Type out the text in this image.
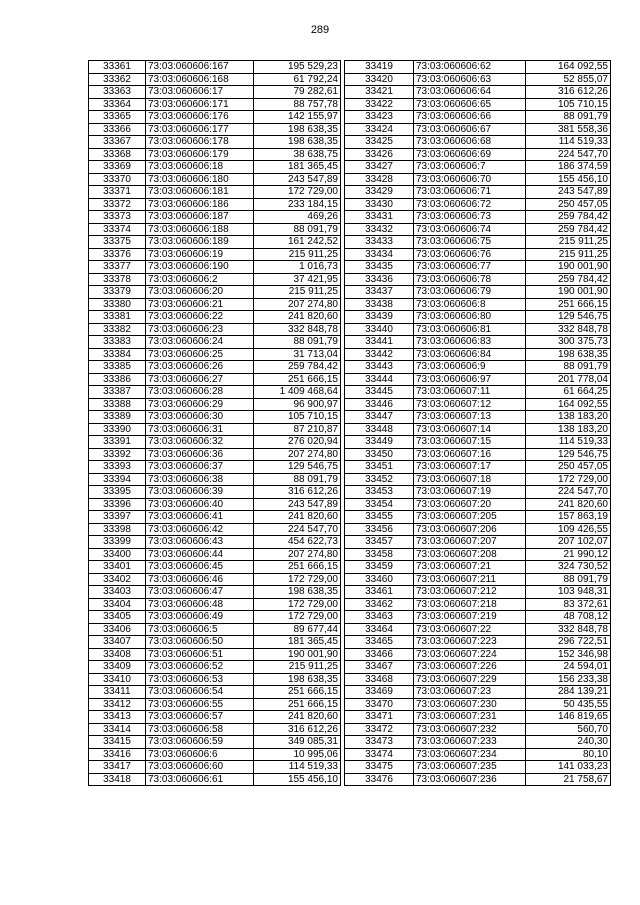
289
33361	73:03:060606:167	195 529,23
33362	73:03:060606:168	61 792,24
33363	73:03:060606:17	79 282,61
33364	73:03:060606:171	88 757,78
33365	73:03:060606:176	142 155,97
33366	73:03:060606:177	198 638,35
33367	73:03:060606:178	198 638,35
33368	73:03:060606:179	38 638,75
33369	73:03:060606:18	181 365,45
33370	73:03:060606:180	243 547,89
33371	73:03:060606:181	172 729,00
33372	73:03:060606:186	233 184,15
33373	73:03:060606:187	469,26
33374	73:03:060606:188	88 091,79
33375	73:03:060606:189	161 242,52
33376	73:03:060606:19	215 911,25
33377	73:03:060606:190	1 016,73
33378	73:03:060606:2	37 421,95
33379	73:03:060606:20	215 911,25
33380	73:03:060606:21	207 274,80
33381	73:03:060606:22	241 820,60
33382	73:03:060606:23	332 848,78
33383	73:03:060606:24	88 091,79
33384	73:03:060606:25	31 713,04
33385	73:03:060606:26	259 784,42
33386	73:03:060606:27	251 666,15
33387	73:03:060606:28	1 409 468,64
33388	73:03:060606:29	96 900,97
33389	73:03:060606:30	105 710,15
33390	73:03:060606:31	87 210,87
33391	73:03:060606:32	276 020,94
33392	73:03:060606:36	207 274,80
33393	73:03:060606:37	129 546,75
33394	73:03:060606:38	88 091,79
33395	73:03:060606:39	316 612,26
33396	73:03:060606:40	243 547,89
33397	73:03:060606:41	241 820,60
33398	73:03:060606:42	224 547,70
33399	73:03:060606:43	454 622,73
33400	73:03:060606:44	207 274,80
33401	73:03:060606:45	251 666,15
33402	73:03:060606:46	172 729,00
33403	73:03:060606:47	198 638,35
33404	73:03:060606:48	172 729,00
33405	73:03:060606:49	172 729,00
33406	73:03:060606:5	89 677,44
33407	73:03:060606:50	181 365,45
33408	73:03:060606:51	190 001,90
33409	73:03:060606:52	215 911,25
33410	73:03:060606:53	198 638,35
33411	73:03:060606:54	251 666,15
33412	73:03:060606:55	251 666,15
33413	73:03:060606:57	241 820,60
33414	73:03:060606:58	316 612,26
33415	73:03:060606:59	349 085,31
33416	73:03:060606:6	10 995,06
33417	73:03:060606:60	114 519,33
33418	73:03:060606:61	155 456,10
33419	73:03:060606:62	164 092,55
33420	73:03:060606:63	52 855,07
33421	73:03:060606:64	316 612,26
33422	73:03:060606:65	105 710,15
33423	73:03:060606:66	88 091,79
33424	73:03:060606:67	381 558,36
33425	73:03:060606:68	114 519,33
33426	73:03:060606:69	224 547,70
33427	73:03:060606:7	186 374,59
33428	73:03:060606:70	155 456,10
33429	73:03:060606:71	243 547,89
33430	73:03:060606:72	250 457,05
33431	73:03:060606:73	259 784,42
33432	73:03:060606:74	259 784,42
33433	73:03:060606:75	215 911,25
33434	73:03:060606:76	215 911,25
33435	73:03:060606:77	190 001,90
33436	73:03:060606:78	259 784,42
33437	73:03:060606:79	190 001,90
33438	73:03:060606:8	251 666,15
33439	73:03:060606:80	129 546,75
33440	73:03:060606:81	332 848,78
33441	73:03:060606:83	300 375,73
33442	73:03:060606:84	198 638,35
33443	73:03:060606:9	88 091,79
33444	73:03:060606:97	201 778,04
33445	73:03:060607:11	61 664,25
33446	73:03:060607:12	164 092,55
33447	73:03:060607:13	138 183,20
33448	73:03:060607:14	138 183,20
33449	73:03:060607:15	114 519,33
33450	73:03:060607:16	129 546,75
33451	73:03:060607:17	250 457,05
33452	73:03:060607:18	172 729,00
33453	73:03:060607:19	224 547,70
33454	73:03:060607:20	241 820,60
33455	73:03:060607:205	157 863,19
33456	73:03:060607:206	109 426,55
33457	73:03:060607:207	207 102,07
33458	73:03:060607:208	21 990,12
33459	73:03:060607:21	324 730,52
33460	73:03:060607:211	88 091,79
33461	73:03:060607:212	103 948,31
33462	73:03:060607:218	83 372,61
33463	73:03:060607:219	48 708,12
33464	73:03:060607:22	332 848,78
33465	73:03:060607:223	296 722,51
33466	73:03:060607:224	152 346,98
33467	73:03:060607:226	24 594,01
33468	73:03:060607:229	156 233,38
33469	73:03:060607:23	284 139,21
33470	73:03:060607:230	50 435,55
33471	73:03:060607:231	146 819,65
33472	73:03:060607:232	560,70
33473	73:03:060607:233	240,30
33474	73:03:060607:234	80,10
33475	73:03:060607:235	141 033,23
33476	73:03:060607:236	21 758,67
